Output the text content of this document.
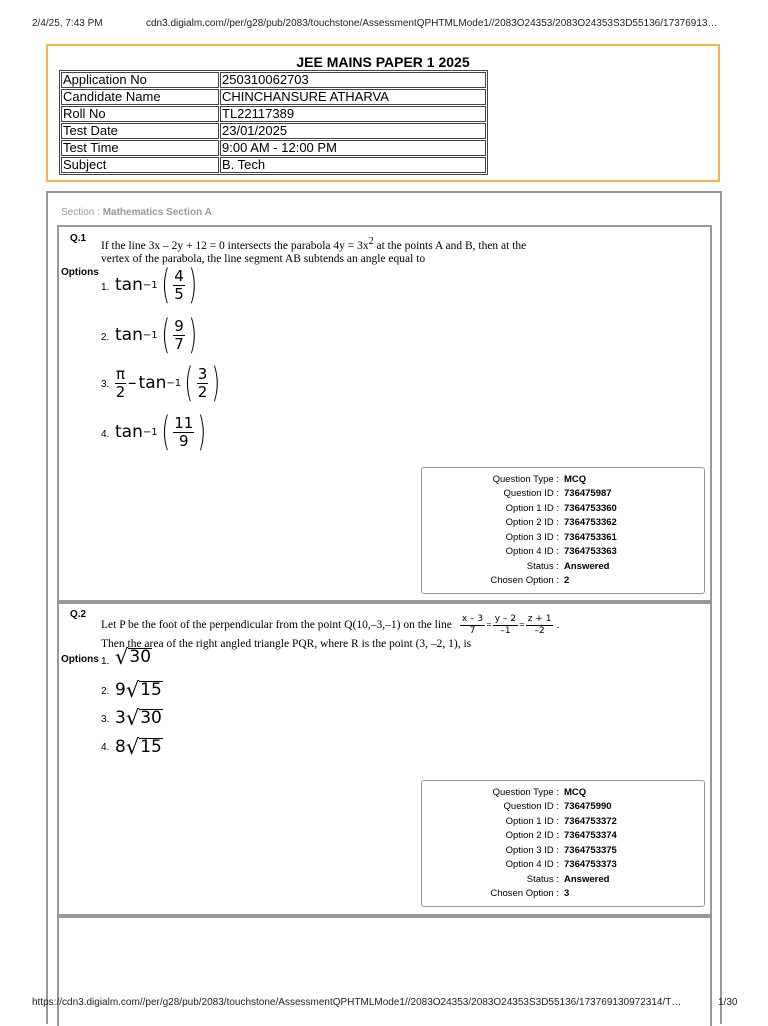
2/4/25, 7:43 PM	cdn3.digialm.com//per/g28/pub/2083/touchstone/AssessmentQPHTMLMode1//2083O24353/2083O24353S3D55136/17376913…
JEE MAINS PAPER 1 2025
Application No	250310062703
Candidate Name	CHINCHANSURE ATHARVA
Roll No	TL22117389
Test Date	23/01/2025
Test Time	9:00 AM - 12:00 PM
Subject	B. Tech
Section : Mathematics Section A
Q.1
If the line 3x – 2y + 12 = 0 intersects the parabola $4y = 3x^2$ at the points A and B, then at the
vertex of the parabola, the line segment AB subtends an angle equal to
Options
1. tan −1 ( $\frac{4}{5}$ )
2. tan −1 ( $\frac{9}{7}$ )
3. $\frac{\pi}{2} - \tan -1$ ( $\frac{3}{2}$ )
4. tan −1 ( $\frac{11}{9}$ )
Question Type : MCQ
Question ID : 736475987
Option 1 ID : 7364753360
Option 2 ID : 7364753362
Option 3 ID : 7364753361
Option 4 ID : 7364753363
Status : Answered
Chosen Option : 2
Q.2
Let P be the foot of the perpendicular from the point Q(10,–3,–1) on the line $\frac{x - 3}{7} = \frac{y - 2}{-1} = \frac{z + 1}{-2}$ .
Then the area of the right angled triangle PQR, where R is the point (3, –2, 1), is
Options 1. √ 30
2. 9 √ 15
3. 3 √ 30
4. 8 √ 15
Question Type : MCQ
Question ID : 736475990
Option 1 ID : 7364753372
Option 2 ID : 7364753374
Option 3 ID : 7364753375
Option 4 ID : 7364753373
Status : Answered
Chosen Option : 3
https://cdn3.digialm.com//per/g28/pub/2083/touchstone/AssessmentQPHTMLMode1//2083O24353/2083O24353S3D55136/173769130972314/T…	1/30
